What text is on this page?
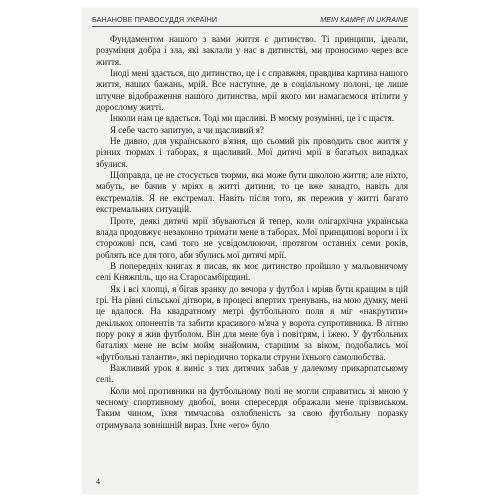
БАНАНОВЕ ПРАВОСУДДЯ УКРАЇНИ	MEIN KAMPF IN UKRAINE

Фундаментом нашого з вами життя є дитинство. Ті принципи, ідеали, розуміння добра і зла, які заклали у нас в дитинстві, ми проносимо через все життя.

Іноді мені здається, що дитинство, це і є справжня, правдива картина нашого життя, наших бажань, мрій. Все наступне, де в соціальному полоні, це лише штучне відображення нашого дитинства, мрії якого ми намагаємося втілити у дорослому житті.

Інколи нам це вдається. Тоді ми щасливі. В моєму розумінні, це і є щастя.

Я себе часто запитую, а чи щасливий я?

Не дивно, для українського в'язня, що сьомий рік проводить своє життя у різних тюрмах і таборах, я щасливий. Мої дитячі мрії в багатьох випадках збулися.

Щоправда, це не стосується тюрми, яка може бути школою життя; але ніхто, мабуть, не бачив у мріях в житті дитини, то це вже занадто, навіть для екстремалів. Я не екстремал. Навіть після того, як пережив у житті багато екстремальних ситуацій.

Проте, деякі дитячі мрії збуваються й тепер, коли олігархічна українська влада продовжує незаконно тримати мене в таборах. Мої принципові вороги і їх сторожові пси, самі того не усвідомлюючи, протягом останніх семи років, роблять все для того, аби збулись мої дитячі мрії.

В попередніх книгах я писав, як моє дитинство пройшло у мальовничому селі Княжпіль, що на Старосамбірщині.

Як і всі хлопці, я бігав зранку до вечора у футбол і мріяв бути кращим в цій грі. На рівні сільської дітвори, в процесі впертих тренувань, на мою думку, мені це вдалося. На квадратному метрі футбольного поля я міг «накрутити» декількох опонентів та забити красивого м'яча у ворота супротивника. В літню пору року я жив футболом. Він для мене був і повітрям, і їжею. У футбольних баталіях мене не всім мойм знайомим, старшим за віком, подобались мої «футбольні таланти», які періодично торкали струни їхнього самолюбства.

Важливий урок я виніс з тих дитячих забав у далекому прикарпатському селі.

Коли мої противники на футбольному полі не могли справитись зі мною у чесному спортивному двобої, вони спересердя ображали мене прізвиськом. Таким чином, їхня тимчасова озлобленість за свою футбольну поразку отримувала зовнішній вираз. Їхнє «его» було

4
